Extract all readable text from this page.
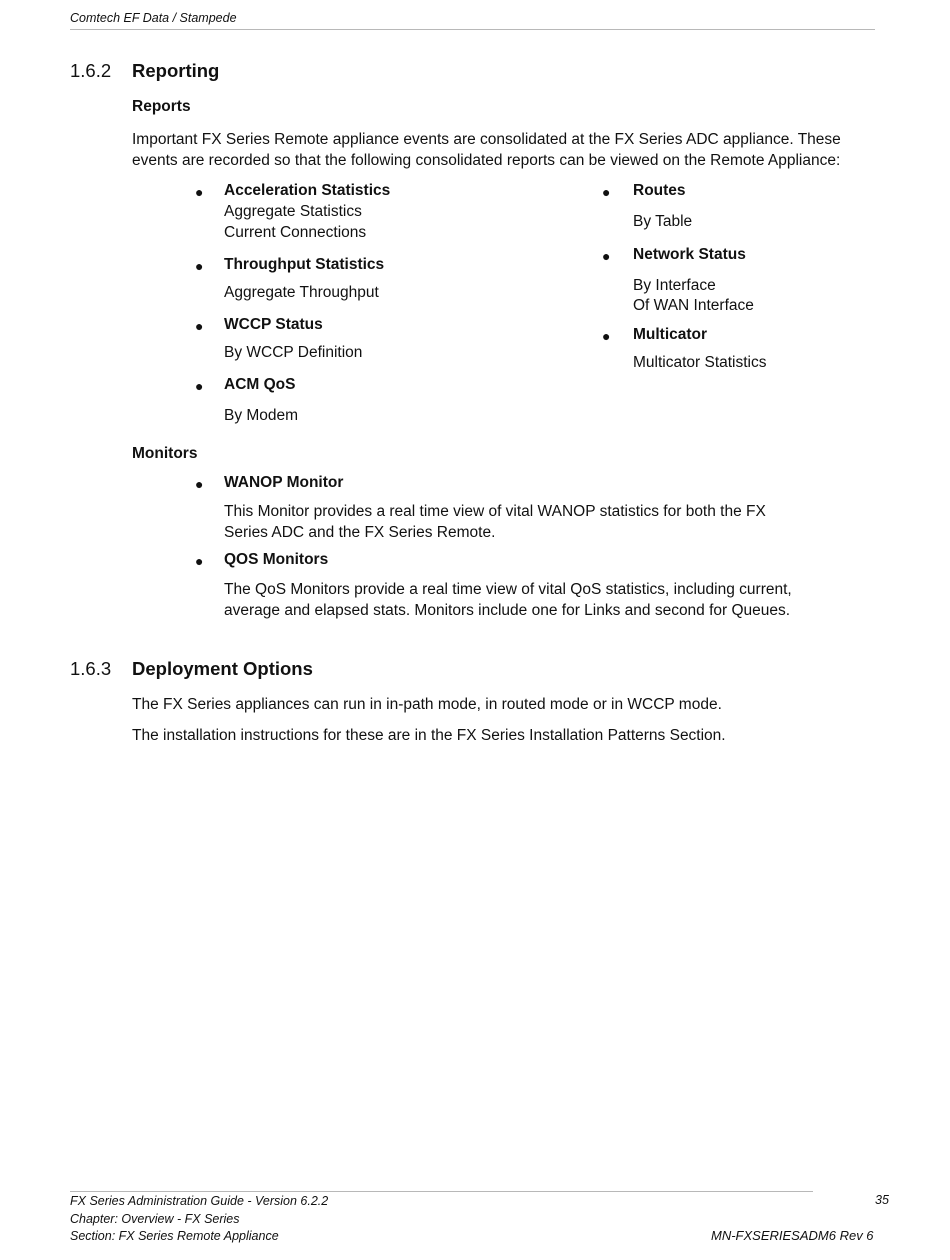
Comtech EF Data / Stampede
1.6.2	Reporting
Reports
Important FX Series Remote appliance events are consolidated at the FX Series ADC appliance. These
events are recorded so that the following consolidated reports can be viewed on the Remote Appliance:
● Acceleration Statistics
Aggregate Statistics
Current Connections
● Throughput Statistics
Aggregate Throughput
● WCCP Status
By WCCP Definition
● ACM QoS
By Modem
● Routes
By Table
● Network Status
By Interface
Of WAN Interface
● Multicator
Multicator Statistics
Monitors
● WANOP Monitor
This Monitor provides a real time view of vital WANOP statistics for both the FX
Series ADC and the FX Series Remote.
● QOS Monitors
The QoS Monitors provide a real time view of vital QoS statistics, including current,
average and elapsed stats. Monitors include one for Links and second for Queues.
1.6.3	Deployment Options
The FX Series appliances can run in in-path mode, in routed mode or in WCCP mode.
The installation instructions for these are in the FX Series Installation Patterns Section.
FX Series Administration Guide - Version 6.2.2
Chapter: Overview - FX Series
Section: FX Series Remote Appliance
35
MN-FXSERIESADM6 Rev 6
